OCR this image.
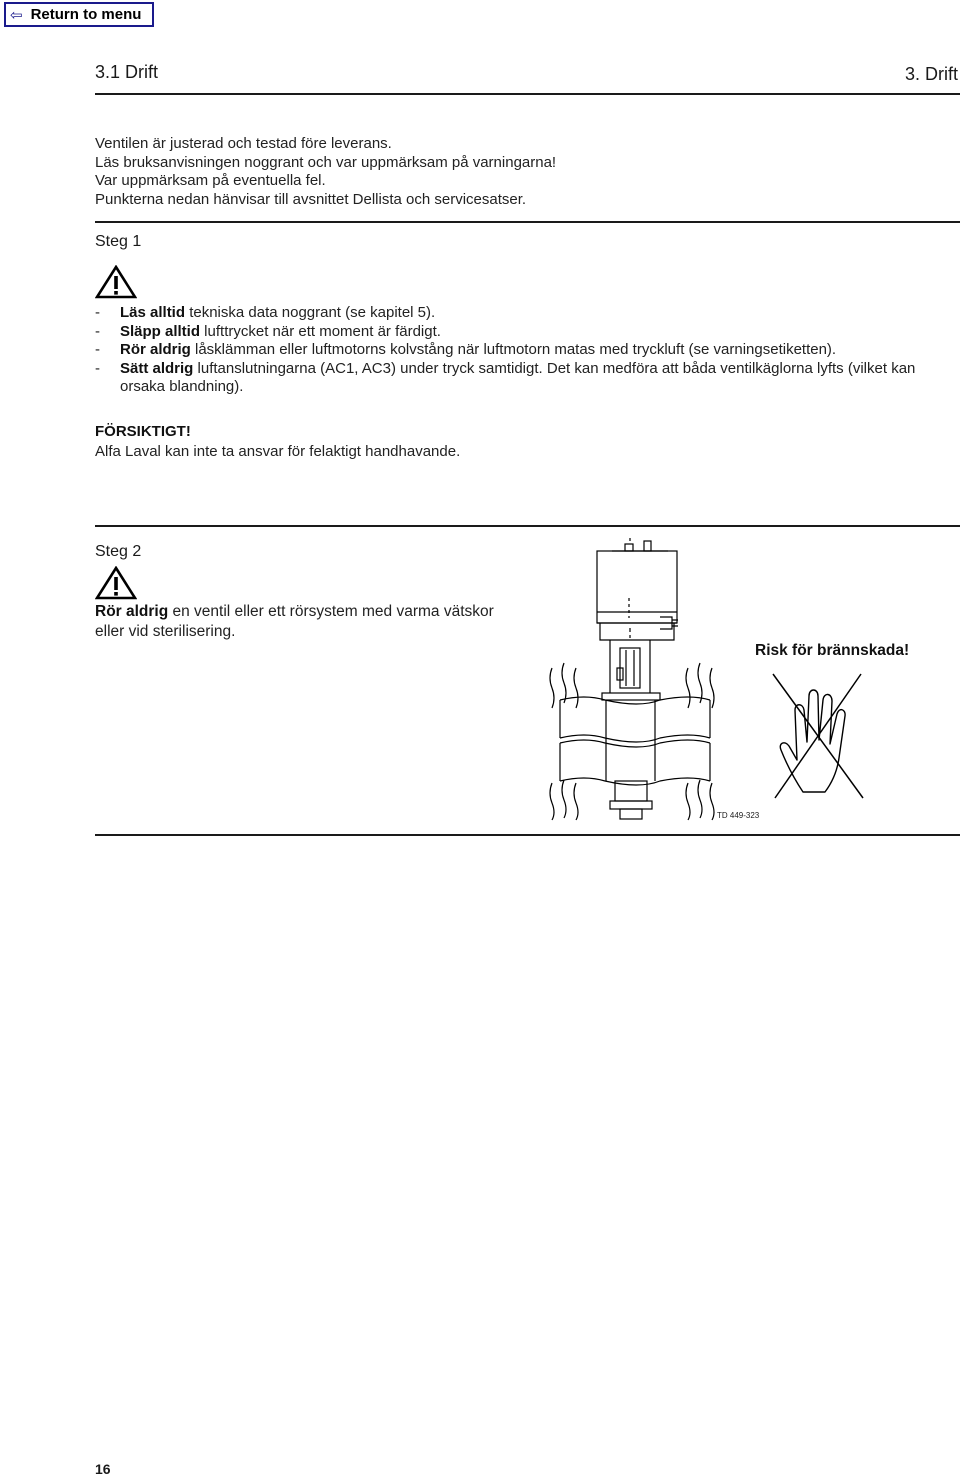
⇦ Return to menu
3.1 Drift	3. Drift
Ventilen är justerad och testad före leverans.
Läs bruksanvisningen noggrant och var uppmärksam på varningarna!
Var uppmärksam på eventuella fel.
Punkterna nedan hänvisar till avsnittet Dellista och servicesatser.
Steg 1
- Läs alltid tekniska data noggrant (se kapitel 5).
- Släpp alltid lufttrycket när ett moment är färdigt.
- Rör aldrig låsklämman eller luftmotorns kolvstång när luftmotorn matas med tryckluft (se varningsetiketten).
- Sätt aldrig luftanslutningarna (AC1, AC3) under tryck samtidigt. Det kan medföra att båda ventilkäglorna lyfts (vilket kan orsaka blandning).
FÖRSIKTIGT!
Alfa Laval kan inte ta ansvar för felaktigt handhavande.
Steg 2
Rör aldrig en ventil eller ett rörsystem med varma vätskor eller vid sterilisering.
Risk för brännskada!
TD 449-323
16
